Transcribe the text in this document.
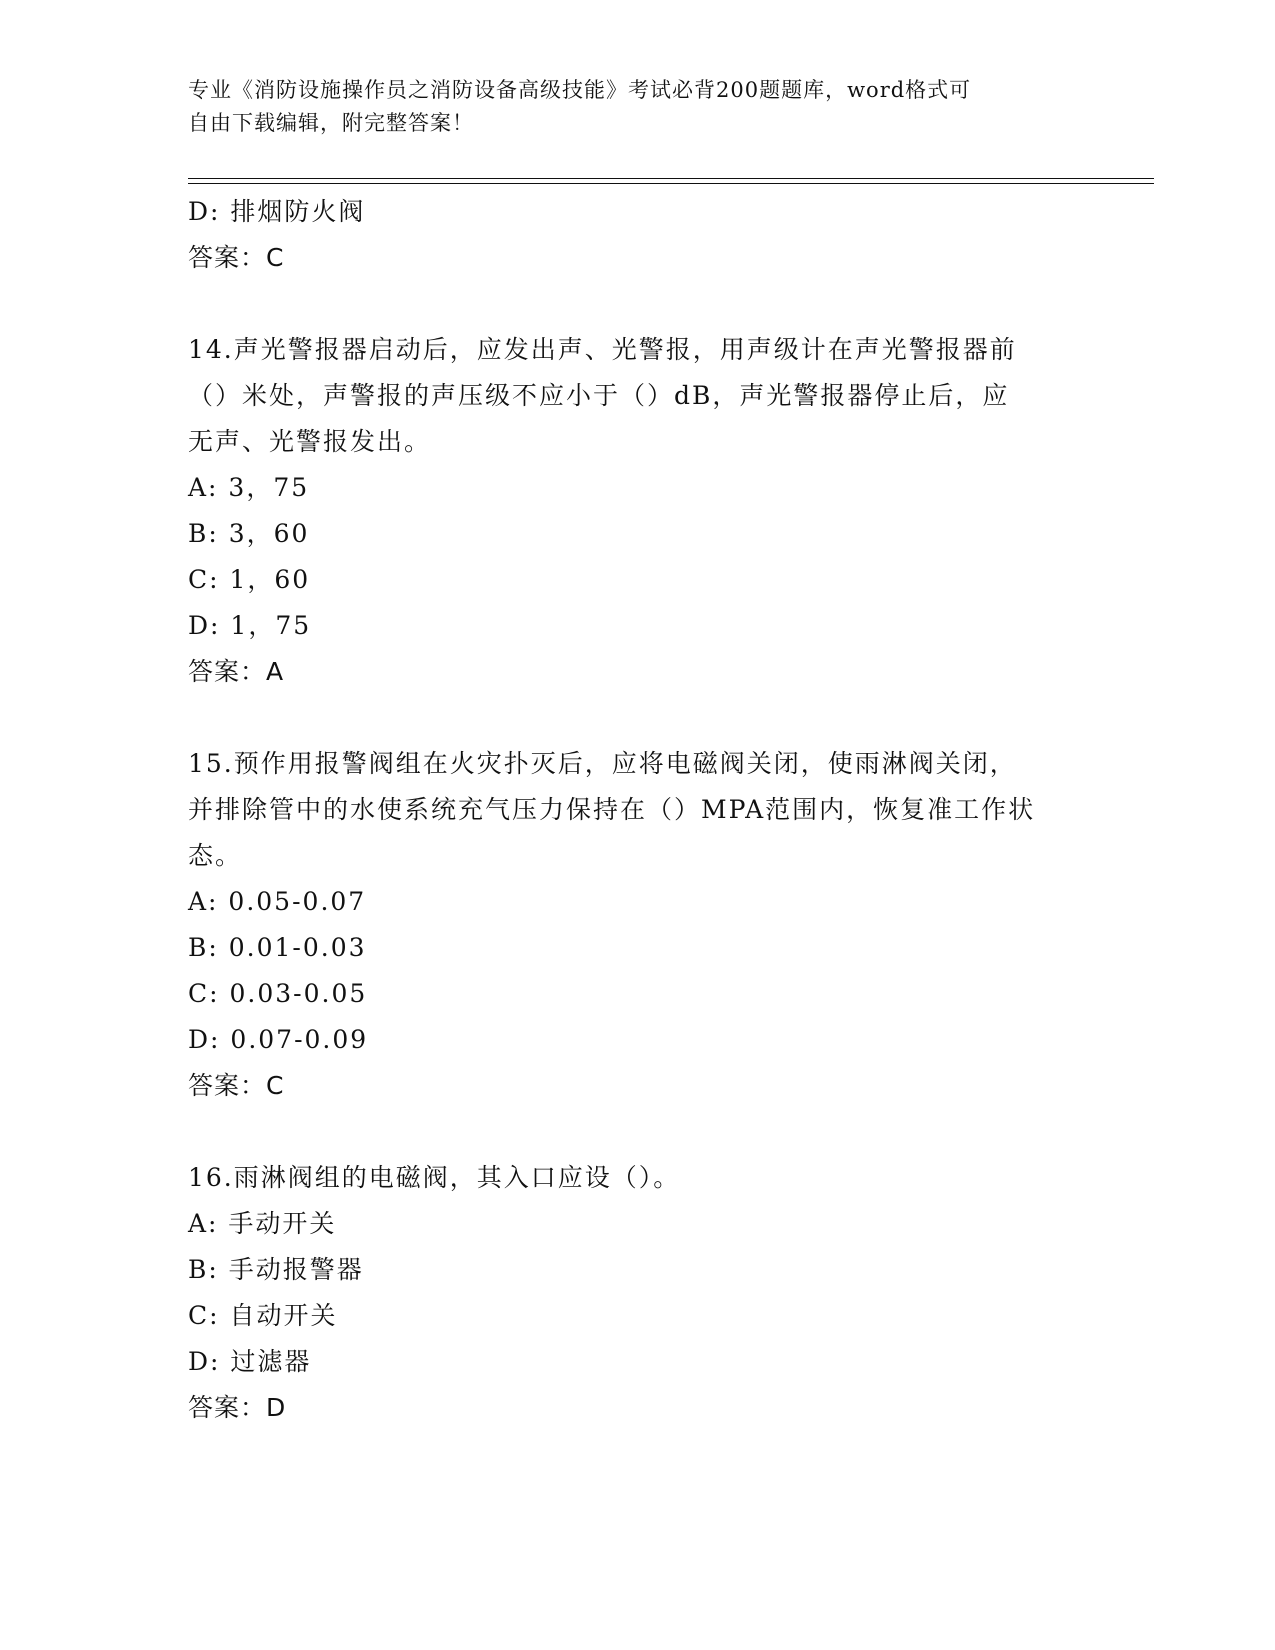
专业《消防设施操作员之消防设备高级技能》考试必背200题题库，word格式可
自由下载编辑，附完整答案！
D: 排烟防火阀
答案：C
14.声光警报器启动后，应发出声、光警报，用声级计在声光警报器前
（）米处，声警报的声压级不应小于（）dB，声光警报器停止后，应
无声、光警报发出。
A: 3，75
B: 3，60
C: 1，60
D: 1，75
答案：A
15.预作用报警阀组在火灾扑灭后，应将电磁阀关闭，使雨淋阀关闭，
并排除管中的水使系统充气压力保持在（）MPA范围内，恢复准工作状
态。
A: 0.05-0.07
B: 0.01-0.03
C: 0.03-0.05
D: 0.07-0.09
答案：C
16.雨淋阀组的电磁阀，其入口应设（）。
A: 手动开关
B: 手动报警器
C: 自动开关
D: 过滤器
答案：D
